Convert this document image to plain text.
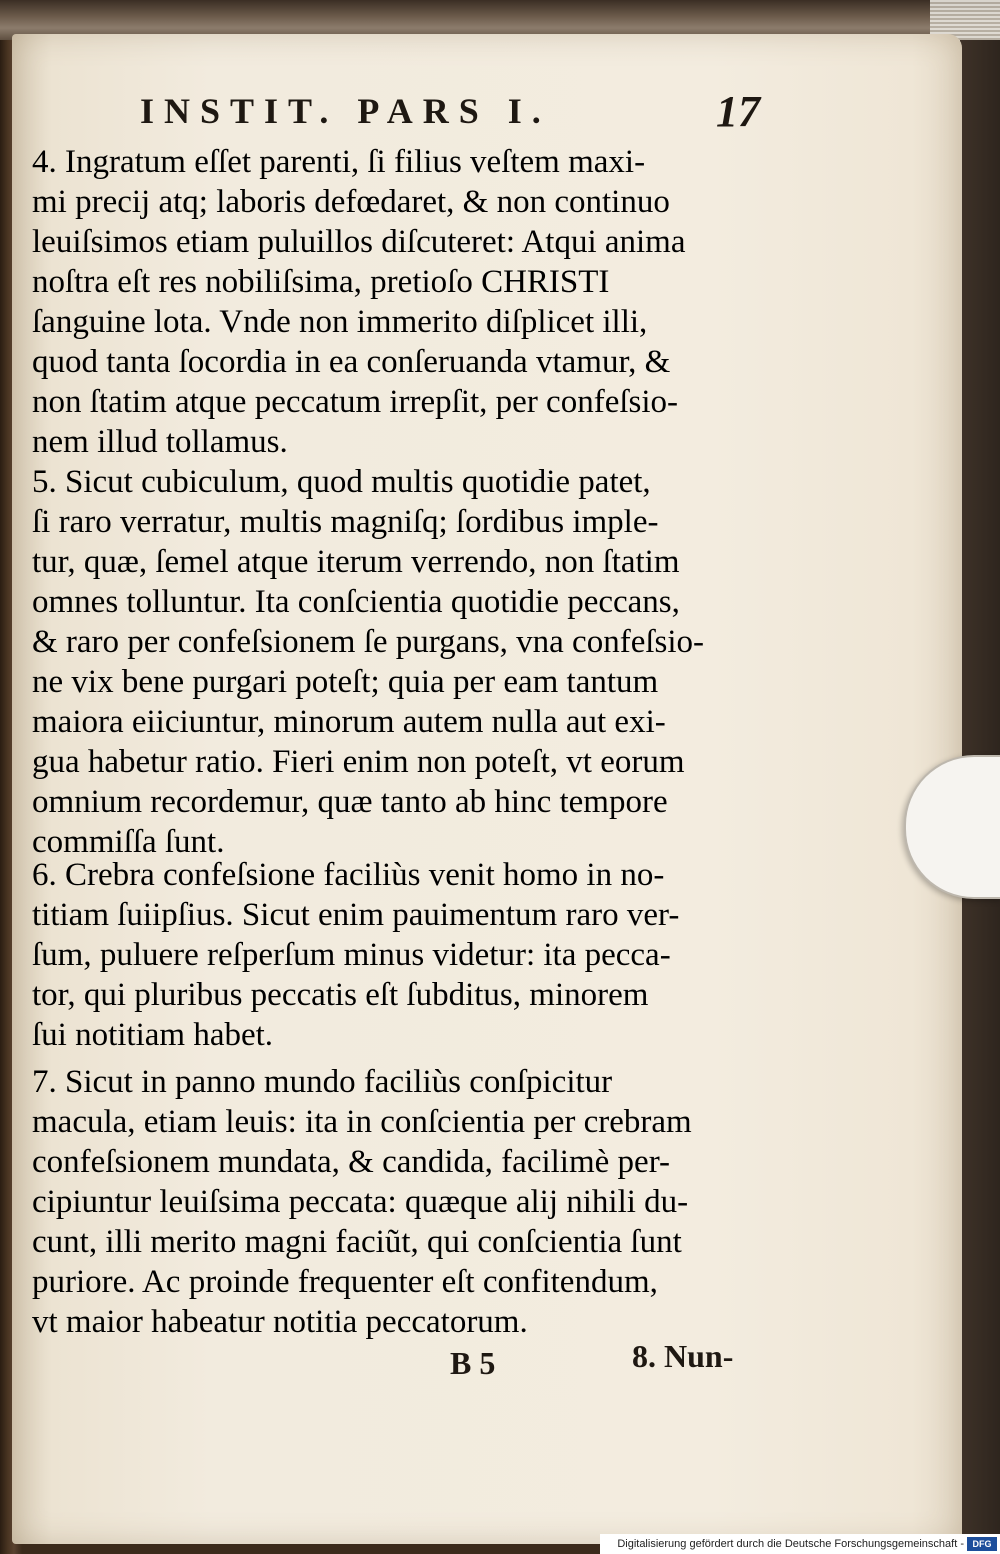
INSTIT. PARS I.	17
4. Ingratum eſſet parenti, ſi filius veſtem maxi-
mi precij atq; laboris defœdaret, & non continuo
leuiſsimos etiam puluillos diſcuteret: Atqui anima
noſtra eſt res nobiliſsima, pretioſo CHRISTI
ſanguine lota. Vnde non immerito diſplicet illi,
quod tanta ſocordia in ea conſeruanda vtamur, &
non ſtatim atque peccatum irrepſit, per confeſsio-
nem illud tollamus.
5. Sicut cubiculum, quod multis quotidie patet,
ſi raro verratur, multis magniſq; ſordibus imple-
tur, quæ, ſemel atque iterum verrendo, non ſtatim
omnes tolluntur. Ita conſcientia quotidie peccans,
& raro per confeſsionem ſe purgans, vna confeſsio-
ne vix bene purgari poteſt; quia per eam tantum
maiora eiiciuntur, minorum autem nulla aut exi-
gua habetur ratio. Fieri enim non poteſt, vt eorum
omnium recordemur, quæ tanto ab hinc tempore
commiſſa ſunt.
6. Crebra confeſsione faciliùs venit homo in no-
titiam ſuiipſius. Sicut enim pauimentum raro ver-
ſum, puluere reſperſum minus videtur: ita pecca-
tor, qui pluribus peccatis eſt ſubditus, minorem
ſui notitiam habet.
7. Sicut in panno mundo faciliùs conſpicitur
macula, etiam leuis: ita in conſcientia per crebram
confeſsionem mundata, & candida, facilimè per-
cipiuntur leuiſsima peccata: quæque alij nihili du-
cunt, illi merito magni faciũt, qui conſcientia ſunt
puriore. Ac proinde frequenter eſt confitendum,
vt maior habeatur notitia peccatorum.
B 5	8. Nun-
Digitalisierung gefördert durch die Deutsche Forschungsgemeinschaft - DFG
